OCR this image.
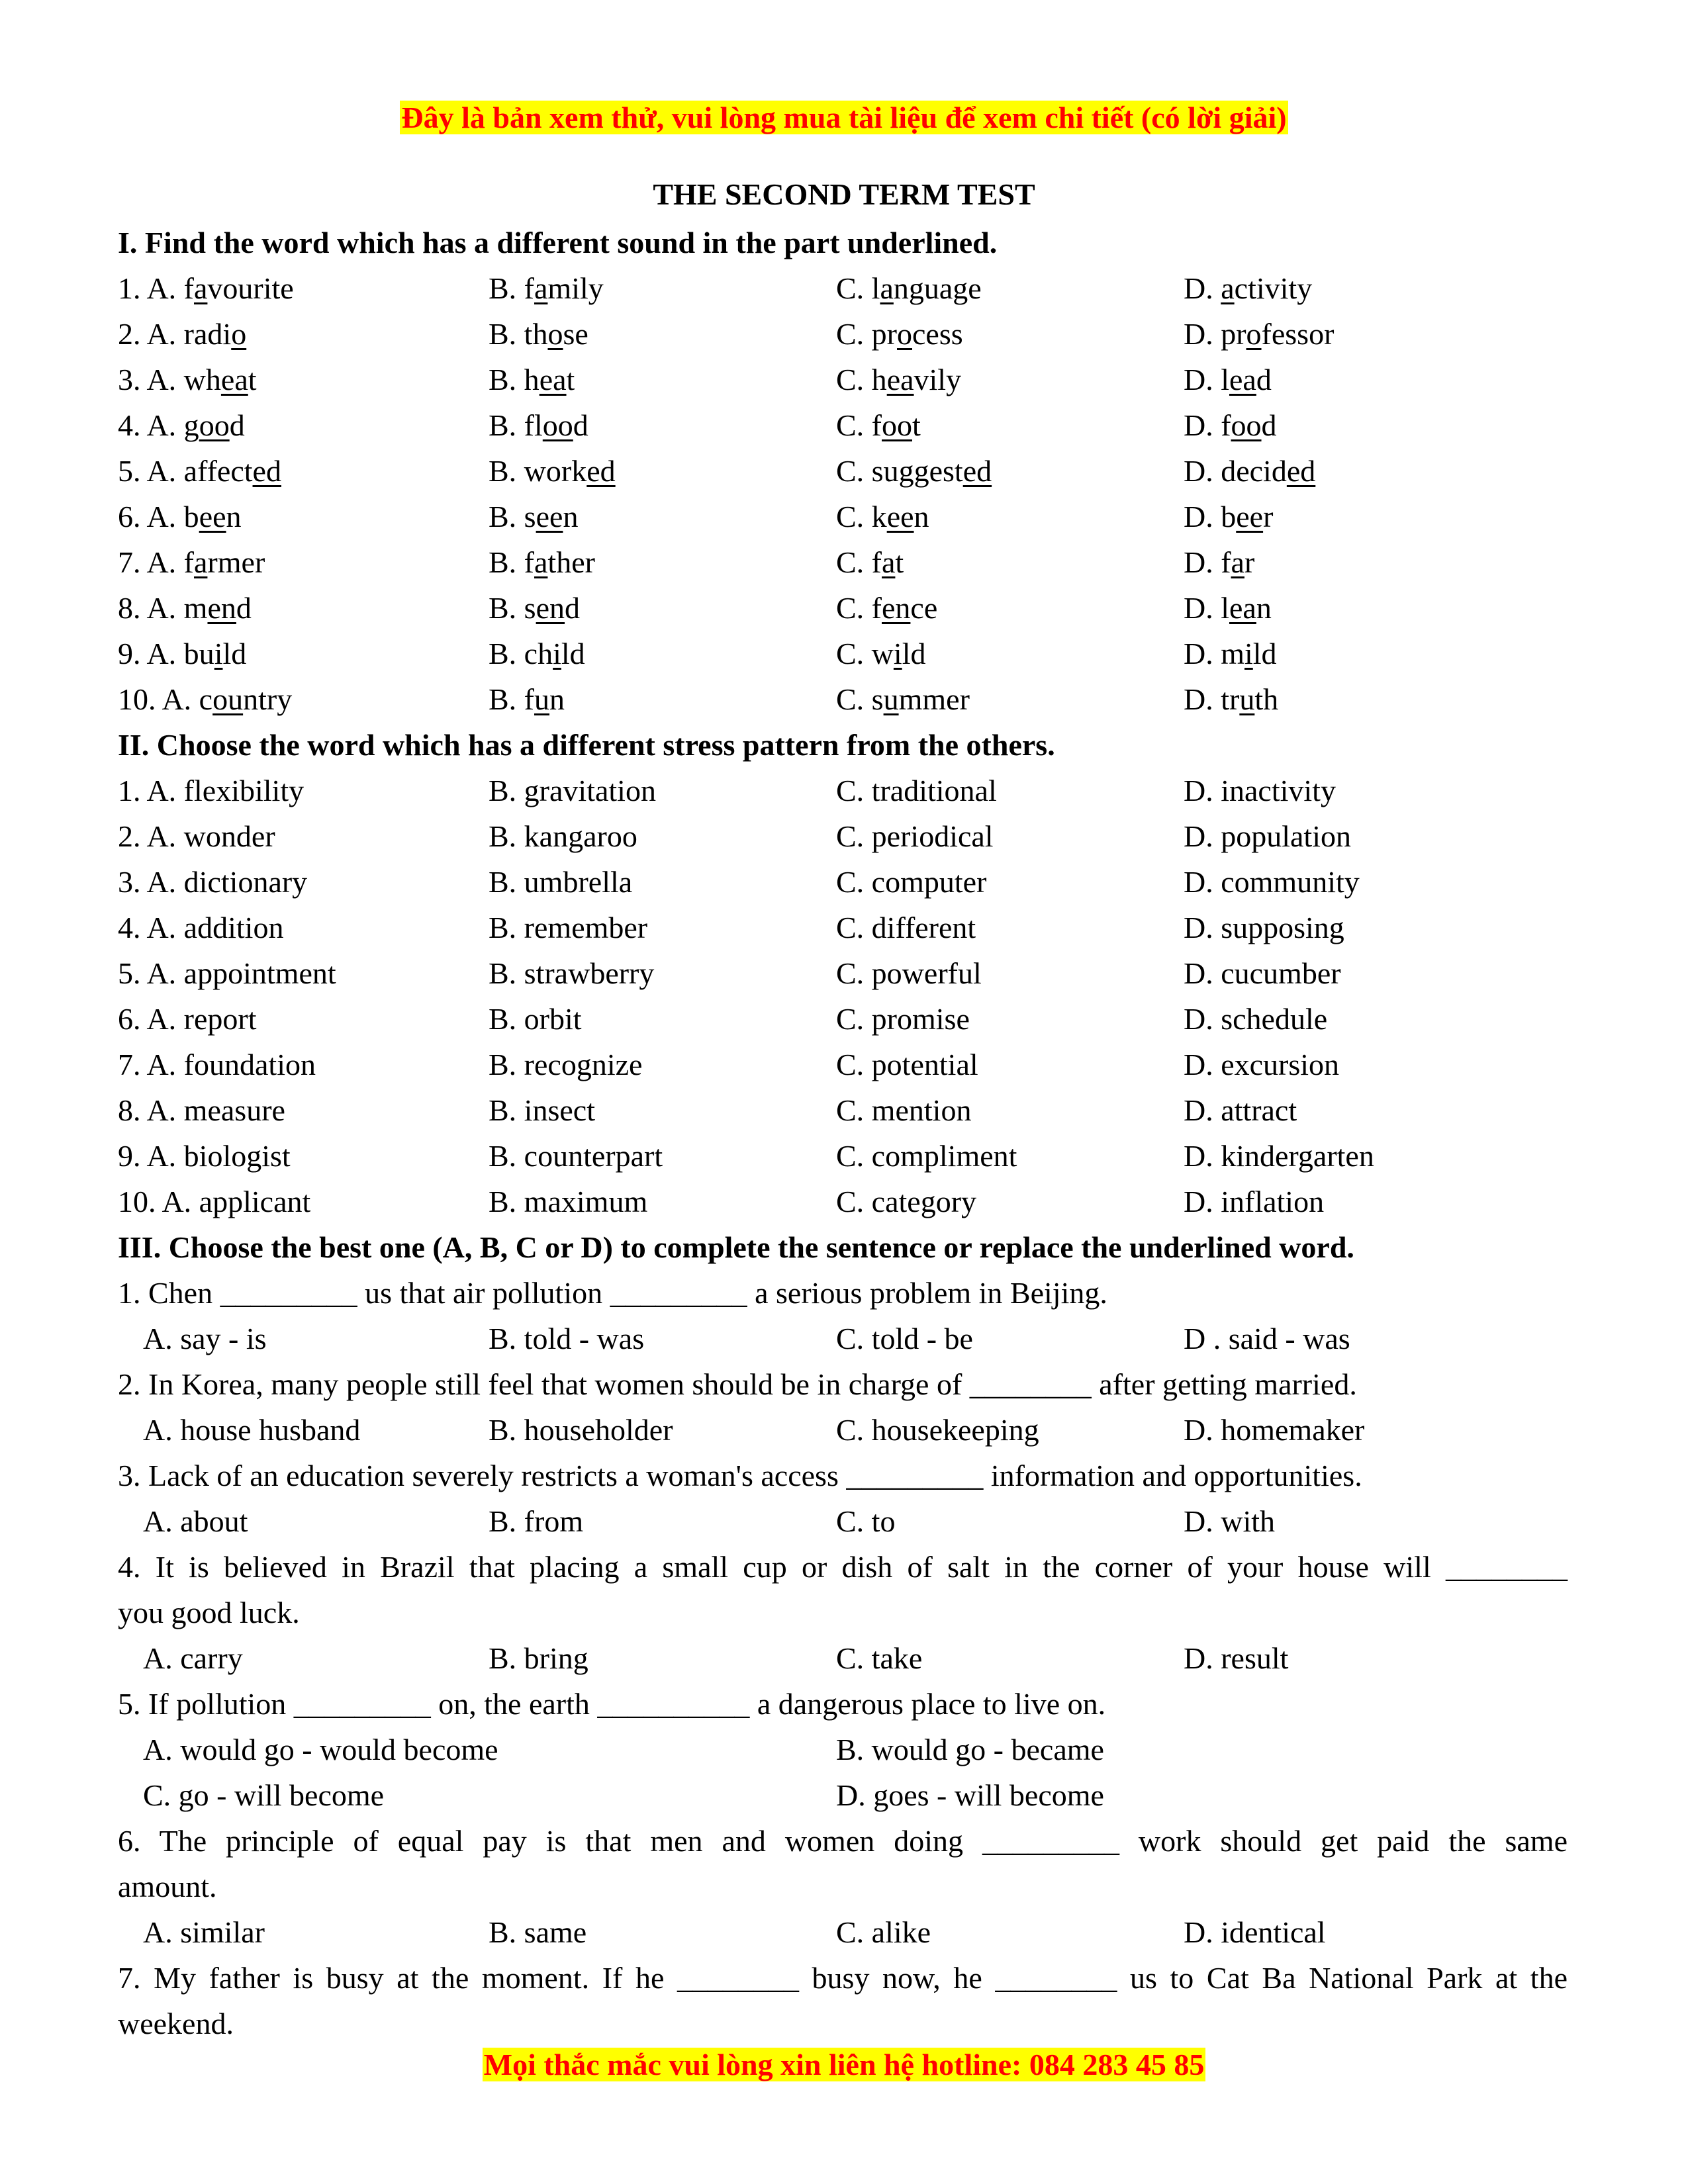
Đây là bản xem thử, vui lòng mua tài liệu để xem chi tiết (có lời giải)
THE SECOND TERM TEST
I. Find the word which has a different sound in the part underlined.
1. A. favourite	B. family	C. language	D. activity
2. A. radio	B. those	C. process	D. professor
3. A. wheat	B. heat	C. heavily	D. lead
4. A. good	B. flood	C. foot	D. food
5. A. affected	B. worked	C. suggested	D. decided
6. A. been	B. seen	C. keen	D. beer
7. A. farmer	B. father	C. fat	D. far
8. A. mend	B. send	C. fence	D. lean
9. A. build	B. child	C. wild	D. mild
10. A. country	B. fun	C. summer	D. truth
II. Choose the word which has a different stress pattern from the others.
1. A. flexibility	B. gravitation	C. traditional	D. inactivity
2. A. wonder	B. kangaroo	C. periodical	D. population
3. A. dictionary	B. umbrella	C. computer	D. community
4. A. addition	B. remember	C. different	D. supposing
5. A. appointment	B. strawberry	C. powerful	D. cucumber
6. A. report	B. orbit	C. promise	D. schedule
7. A. foundation	B. recognize	C. potential	D. excursion
8. A. measure	B. insect	C. mention	D. attract
9. A. biologist	B. counterpart	C. compliment	D. kindergarten
10. A. applicant	B. maximum	C. category	D. inflation
III. Choose the best one (A, B, C or D) to complete the sentence or replace the underlined word.
1. Chen _________ us that air pollution _________ a serious problem in Beijing.
A. say - is	B. told - was	C. told - be	D . said - was
2. In Korea, many people still feel that women should be in charge of ________ after getting married.
A. house husband	B. householder	C. housekeeping	D. homemaker
3. Lack of an education severely restricts a woman's access _________ information and opportunities.
A. about	B. from	C. to	D. with
4. It is believed in Brazil that placing a small cup or dish of salt in the corner of your house will ________
you good luck.
A. carry	B. bring	C. take	D. result
5. If pollution _________ on, the earth __________ a dangerous place to live on.
A. would go - would become	B. would go - became
C. go - will become	D. goes - will become
6. The principle of equal pay is that men and women doing _________ work should get paid the same
amount.
A. similar	B. same	C. alike	D. identical
7. My father is busy at the moment. If he ________ busy now, he ________ us to Cat Ba National Park at the
weekend.
Mọi thắc mắc vui lòng xin liên hệ hotline: 084 283 45 85
